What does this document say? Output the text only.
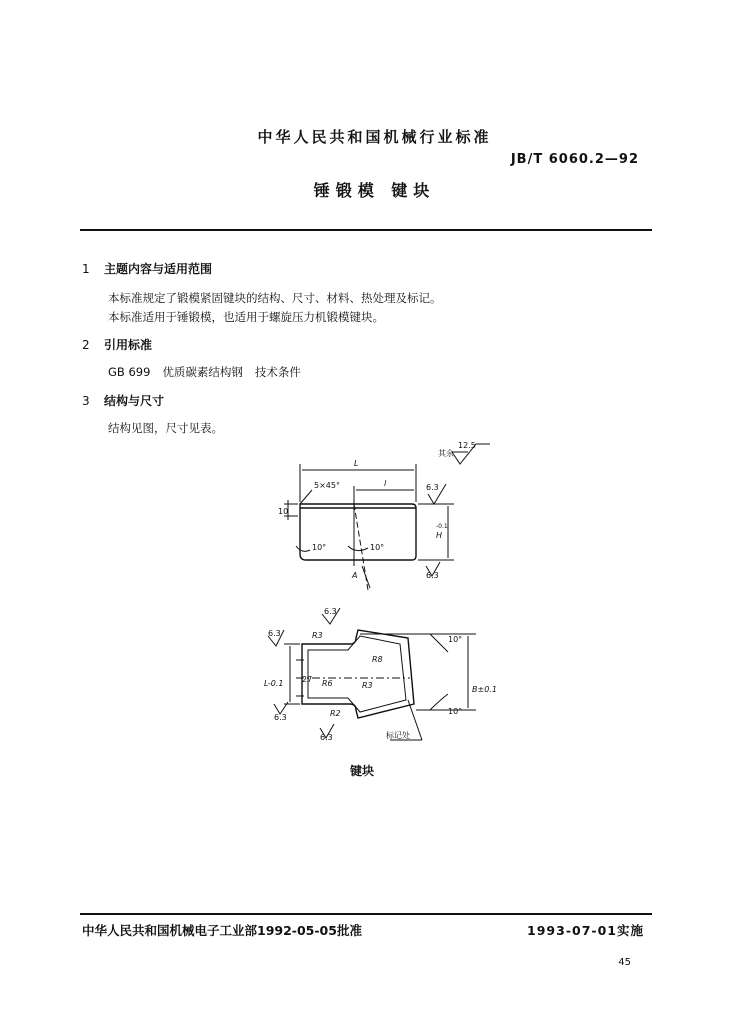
中华人民共和国机械行业标准
JB/T 6060.2—92
锤锻模 键块
1 主题内容与适用范围
本标准规定了锻模紧固键块的结构、尺寸、材料、热处理及标记。
本标准适用于锤锻模，也适用于螺旋压力机锻模键块。
2 引用标准
GB 699 优质碳素结构钢 技术条件
3 结构与尺寸
结构见图，尺寸见表。
其余
12.5
L
l
5×45°
10
10°	10°
H
-0.1
A
6.3
6.3
6.3
6.3
6.3
6.3
R3
R8
R6	R3
R2
27
10°
10°
B±0.1
L-0.1
标记处
键块
中华人民共和国机械电子工业部1992-05-05批准	1993-07-01实施
45
